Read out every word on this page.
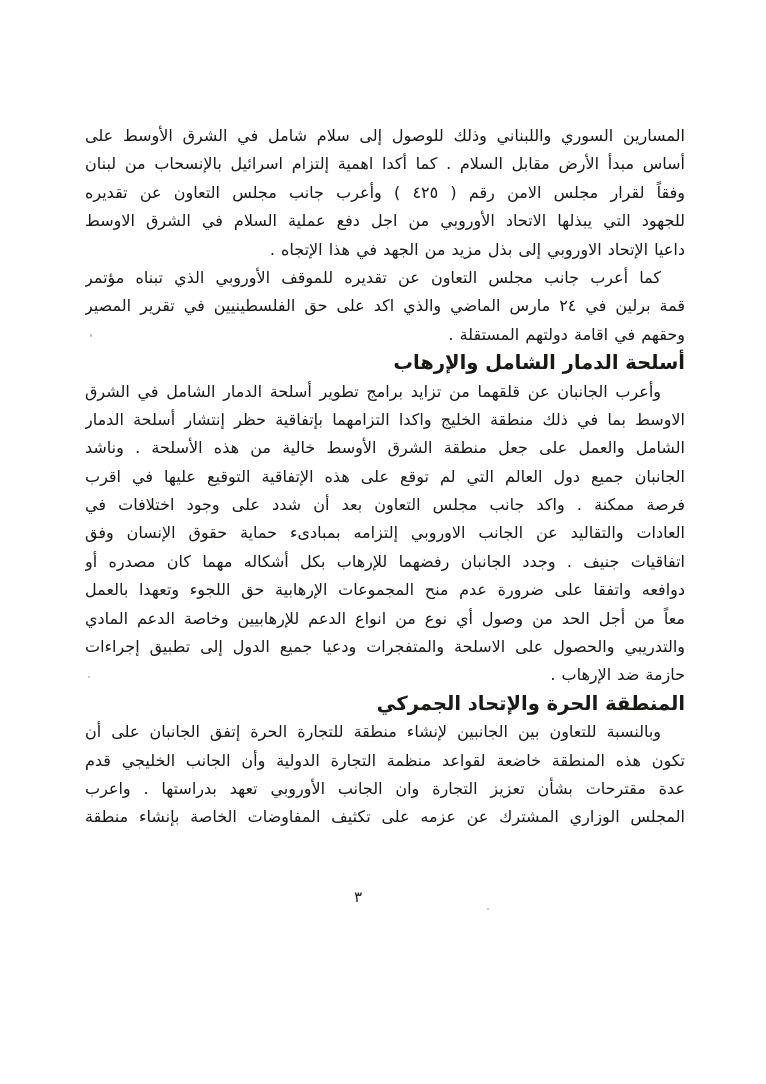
المسارين السوري واللبناني وذلك للوصول إلى سلام شامل في الشرق الأوسط على
أساس مبدأ الأرض مقابل السلام . كما أكدا اهمية إلتزام اسرائيل بالإنسحاب من لبنان
وفقاً لقرار مجلس الامن رقم ( ٤٢٥ ) وأعرب جانب مجلس التعاون عن تقديره
للجهود التي يبذلها الاتحاد الأوروبي من اجل دفع عملية السلام في الشرق الاوسط
داعيا الإتحاد الاوروبي إلى بذل مزيد من الجهد في هذا الإتجاه .
كما أعرب جانب مجلس التعاون عن تقديره للموقف الأوروبي الذي تبناه مؤتمر
قمة برلين في ٢٤ مارس الماضي والذي اكد على حق الفلسطينيين في تقرير المصير
وحقهم في اقامة دولتهم المستقلة .
أسلحة الدمار الشامل والإرهاب
وأعرب الجانبان عن قلقهما من تزايد برامج تطوير أسلحة الدمار الشامل في الشرق
الاوسط بما في ذلك منطقة الخليج واكدا التزامهما بإتفاقية حظر إنتشار أسلحة الدمار
الشامل والعمل على جعل منطقة الشرق الأوسط خالية من هذه الأسلحة . وناشد
الجانبان جميع دول العالم التي لم توقع على هذه الإتفاقية التوقيع عليها في اقرب
فرصة ممكنة . واكد جانب مجلس التعاون بعد أن شدد على وجود اختلافات في
العادات والتقاليد عن الجانب الاوروبي إلتزامه بمبادىء حماية حقوق الإنسان وفق
اتفاقيات جنيف . وجدد الجانبان رفضهما للإرهاب بكل أشكاله مهما كان مصدره أو
دوافعه واتفقا على ضرورة عدم منح المجموعات الإرهابية حق اللجوء وتعهدا بالعمل
معاً من أجل الحد من وصول أي نوع من انواع الدعم للإرهابيين وخاصة الدعم المادي
والتدريبي والحصول على الاسلحة والمتفجرات ودعيا جميع الدول إلى تطبيق إجراءات
حازمة ضد الإرهاب .
المنطقة الحرة والإتحاد الجمركي
وبالنسبة للتعاون بين الجانبين لإنشاء منطقة للتجارة الحرة إتفق الجانبان على أن
تكون هذه المنطقة خاضعة لقواعد منظمة التجارة الدولية وأن الجانب الخليجي قدم
عدة مقترحات بشأن تعزيز التجارة وان الجانب الأوروبي تعهد بدراستها . واعرب
المجلس الوزاري المشترك عن عزمه على تكثيف المفاوضات الخاصة بإنشاء منطقة
٣
